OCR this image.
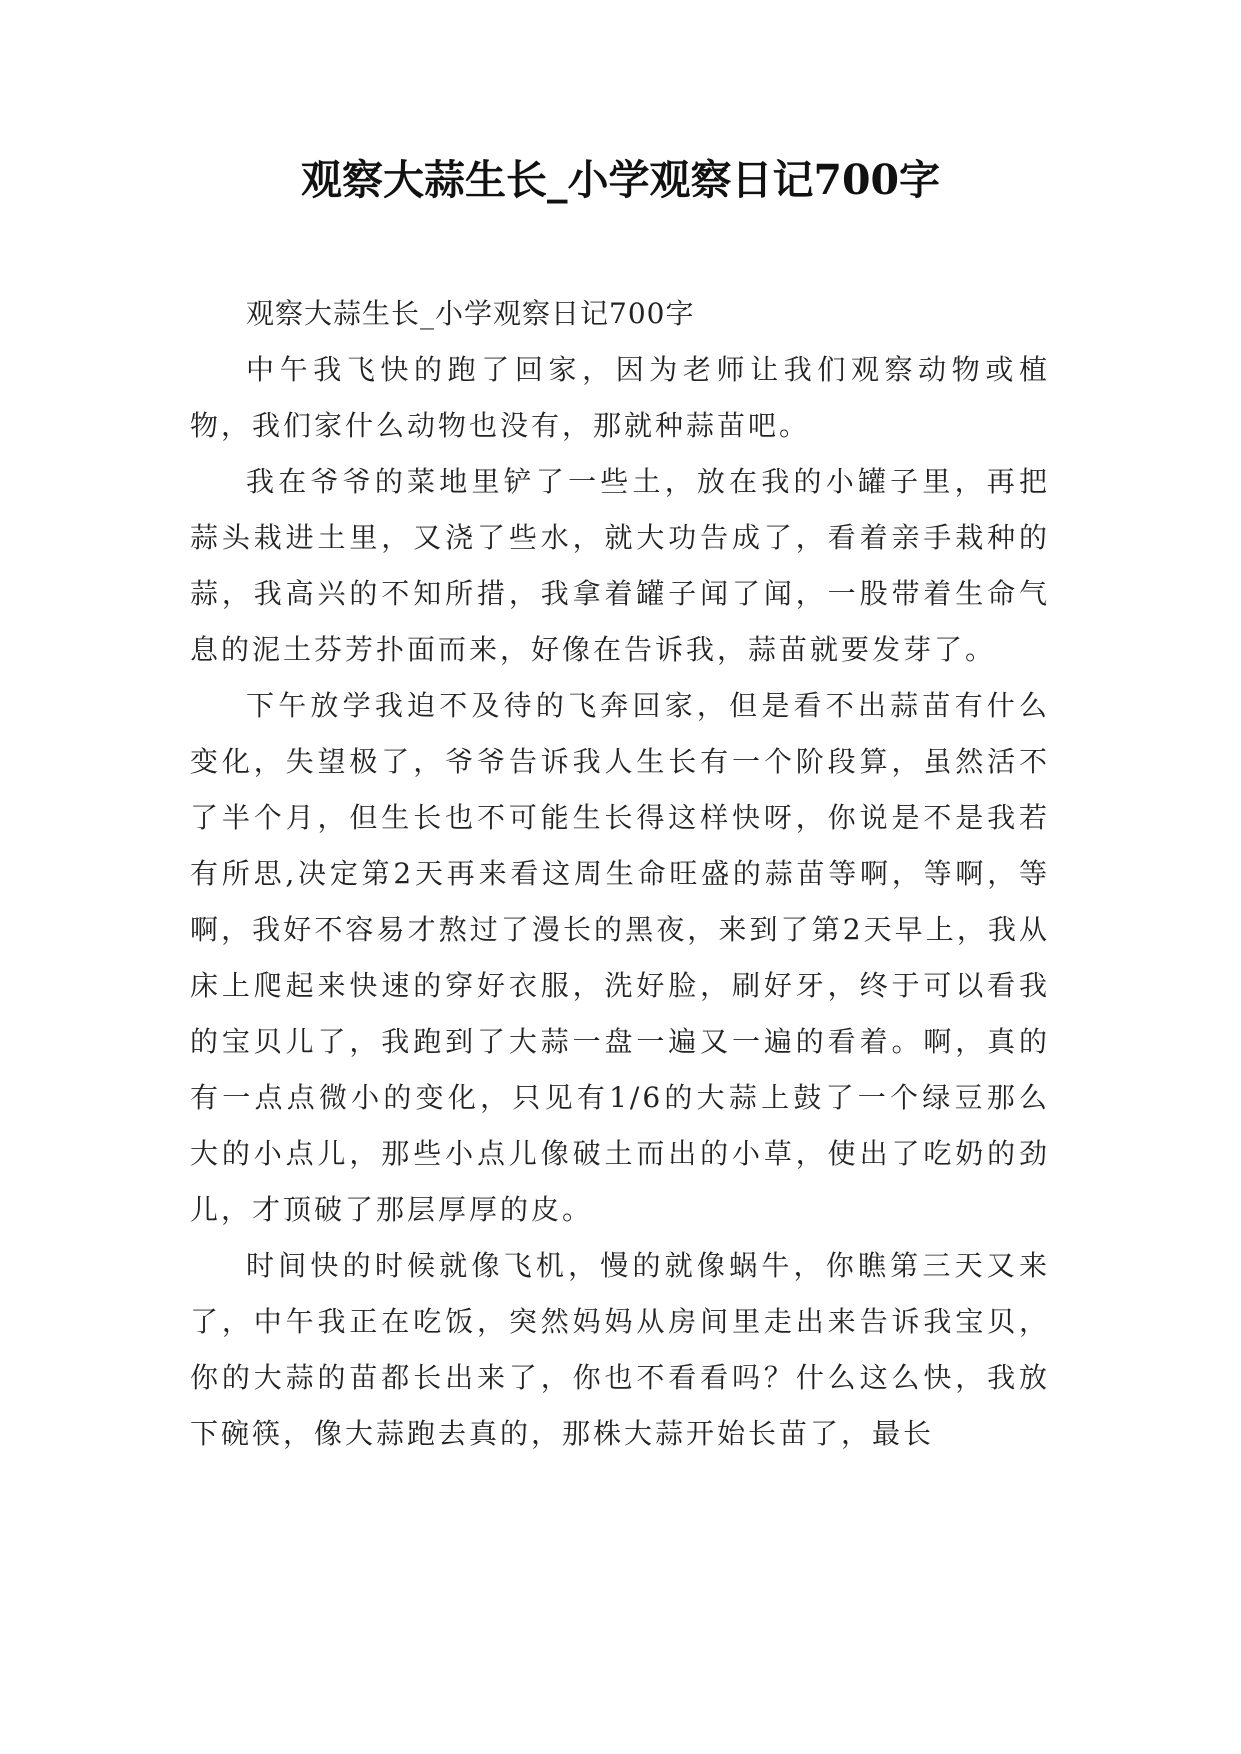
观察大蒜生长_小学观察日记700字

观察大蒜生长_小学观察日记700字

中午我飞快的跑了回家，因为老师让我们观察动物或植物，我们家什么动物也没有，那就种蒜苗吧。

我在爷爷的菜地里铲了一些土，放在我的小罐子里，再把蒜头栽进土里，又浇了些水，就大功告成了，看着亲手栽种的蒜，我高兴的不知所措，我拿着罐子闻了闻，一股带着生命气息的泥土芬芳扑面而来，好像在告诉我，蒜苗就要发芽了。

下午放学我迫不及待的飞奔回家，但是看不出蒜苗有什么变化，失望极了，爷爷告诉我人生长有一个阶段算，虽然活不了半个月，但生长也不可能生长得这样快呀，你说是不是我若有所思,决定第2天再来看这周生命旺盛的蒜苗等啊，等啊，等啊，我好不容易才熬过了漫长的黑夜，来到了第2天早上，我从床上爬起来快速的穿好衣服，洗好脸，刷好牙，终于可以看我的宝贝儿了，我跑到了大蒜一盘一遍又一遍的看着。啊，真的有一点点微小的变化，只见有1/6的大蒜上鼓了一个绿豆那么大的小点儿，那些小点儿像破土而出的小草，使出了吃奶的劲儿，才顶破了那层厚厚的皮。

时间快的时候就像飞机，慢的就像蜗牛，你瞧第三天又来了，中午我正在吃饭，突然妈妈从房间里走出来告诉我宝贝，你的大蒜的苗都长出来了，你也不看看吗？什么这么快，我放下碗筷，像大蒜跑去真的，那株大蒜开始长苗了，最长
